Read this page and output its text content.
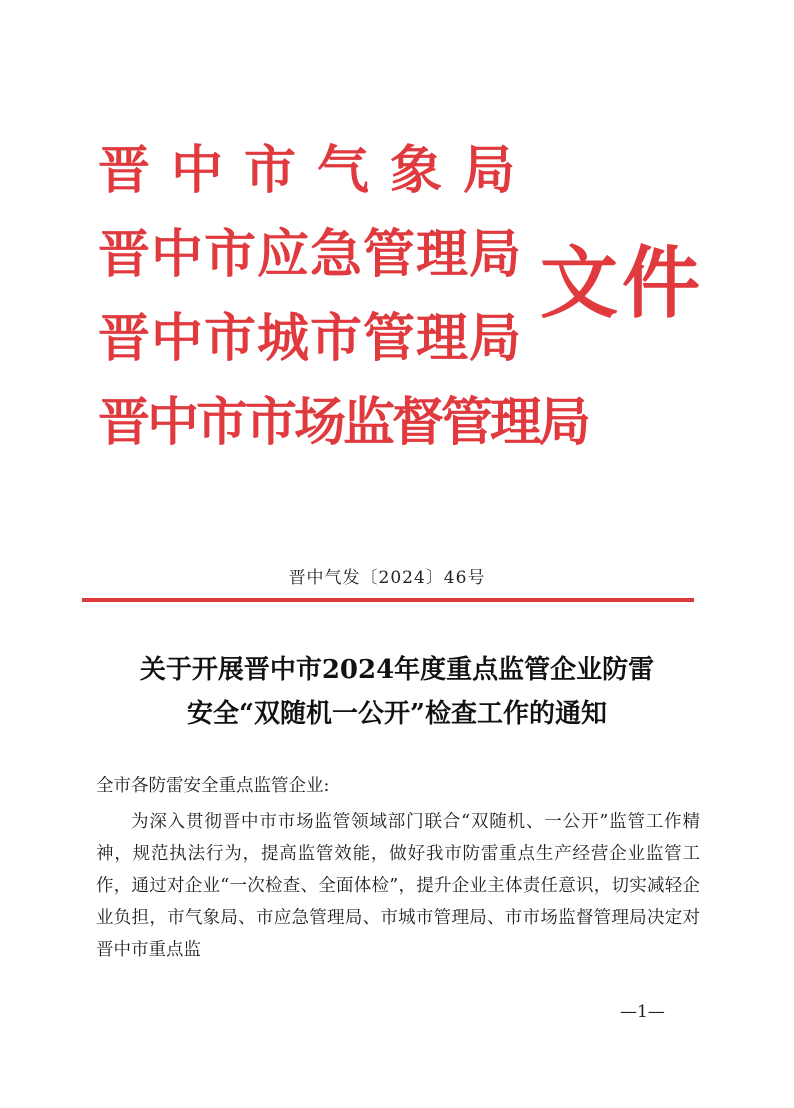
晋中市气象局
晋中市应急管理局
晋中市城市管理局
晋中市市场监督管理局
文件
晋中气发〔2024〕46号
关于开展晋中市2024年度重点监管企业防雷
安全“双随机一公开”检查工作的通知
全市各防雷安全重点监管企业:

为深入贯彻晋中市市场监管领域部门联合“双随机、一公开”监管工作精神，规范执法行为，提高监管效能，做好我市防雷重点生产经营企业监管工作，通过对企业“一次检查、全面体检”，提升企业主体责任意识，切实减轻企业负担，市气象局、市应急管理局、市城市管理局、市市场监督管理局决定对晋中市重点监

—1—
